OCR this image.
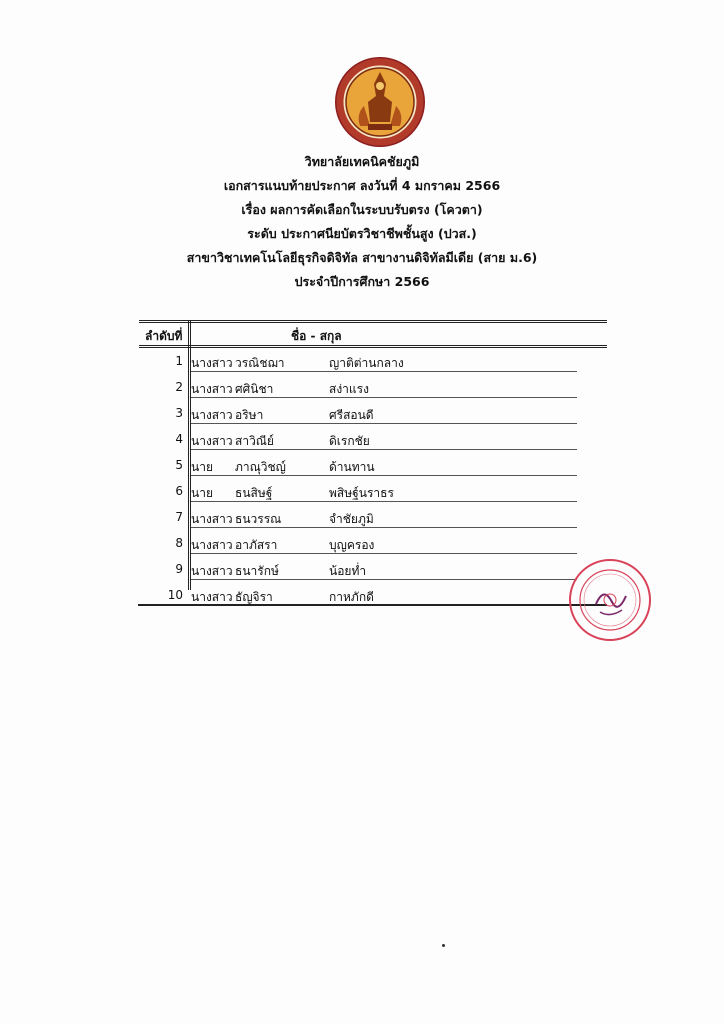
วิทยาลัยเทคนิคชัยภูมิ
เอกสารแนบท้ายประกาศ ลงวันที่ 4 มกราคม 2566
เรื่อง ผลการคัดเลือกในระบบรับตรง (โควตา)
ระดับ ประกาศนียบัตรวิชาชีพชั้นสูง (ปวส.)
สาขาวิชาเทคโนโลยีธุรกิจดิจิทัล สาขางานดิจิทัลมีเดีย (สาย ม.6)
ประจำปีการศึกษา 2566
ลำดับที่	ชื่อ - สกุล
1 นางสาว วรณิชฌา	ญาติต่านกลาง
2 นางสาว ศศินิชา	สง่าแรง
3 นางสาว อริษา	ศรีสอนดี
4 นางสาว สาวิณีย์	ดิเรกชัย
5 นาย ภาณุวิชญ์	ด้านทาน
6 นาย ธนสิษฐ์	พสิษฐ์นราธร
7 นางสาว ธนวรรณ	จำชัยภูมิ
8 นางสาว อาภัสรา	บุญครอง
9 นางสาว ธนารักษ์	น้อยท่ำ
10 นางสาว ธัญจิรา	กาหภักดี
